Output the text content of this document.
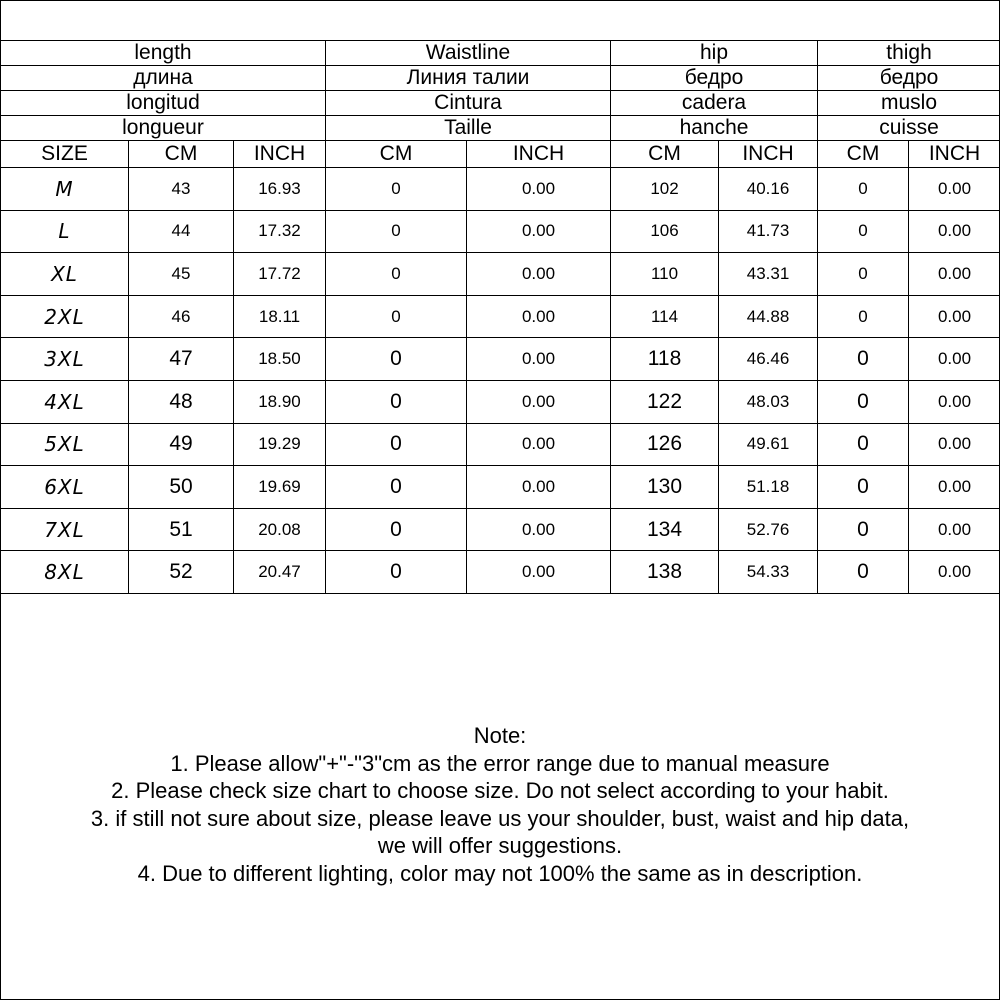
length			Waistline		hip		thigh	
длина			Линия талии		бедро		бедро	
longitud			Cintura		cadera		muslo	
longueur			Taille		hanche		cuisse	
SIZE	CM	INCH	CM	INCH	CM	INCH	CM	INCH
M	43	16.93	0	0.00	102	40.16	0	0.00
L	44	17.32	0	0.00	106	41.73	0	0.00
XL	45	17.72	0	0.00	110	43.31	0	0.00
2XL	46	18.11	0	0.00	114	44.88	0	0.00
3XL	47	18.50	0	0.00	118	46.46	0	0.00
4XL	48	18.90	0	0.00	122	48.03	0	0.00
5XL	49	19.29	0	0.00	126	49.61	0	0.00
6XL	50	19.69	0	0.00	130	51.18	0	0.00
7XL	51	20.08	0	0.00	134	52.76	0	0.00
8XL	52	20.47	0	0.00	138	54.33	0	0.00
Note:
1. Please allow"+"-"3"cm as the error range due to manual measure
2. Please check size chart to choose size. Do not select according to your habit.
3. if still not sure about size, please leave us your shoulder, bust, waist and hip data,
we will offer suggestions.
4. Due to different lighting, color may not 100% the same as in description.
